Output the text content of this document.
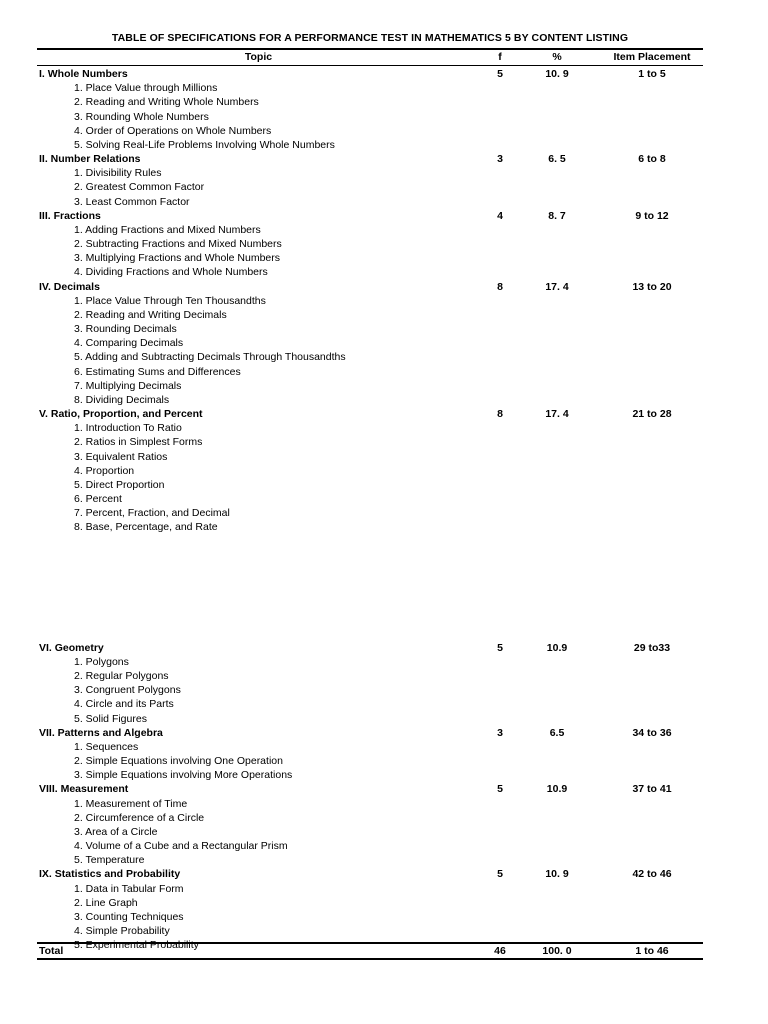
TABLE OF SPECIFICATIONS FOR A PERFORMANCE TEST IN MATHEMATICS 5 BY CONTENT LISTING
Topic	f	%	Item Placement
I. Whole Numbers	5	10. 9	1 to 5
1. Place Value through Millions
2. Reading and Writing Whole Numbers
3. Rounding Whole Numbers
4. Order of Operations on Whole Numbers
5. Solving Real-Life Problems Involving Whole Numbers
II. Number Relations	3	6. 5	6 to 8
1. Divisibility Rules
2. Greatest Common Factor
3. Least Common Factor
III. Fractions	4	8. 7	9 to 12
1. Adding Fractions and Mixed Numbers
2. Subtracting Fractions and Mixed Numbers
3. Multiplying Fractions and Whole Numbers
4. Dividing Fractions and Whole Numbers
IV. Decimals	8	17. 4	13 to 20
1. Place Value Through Ten Thousandths
2. Reading and Writing Decimals
3. Rounding Decimals
4. Comparing Decimals
5. Adding and Subtracting Decimals Through Thousandths
6. Estimating Sums and Differences
7. Multiplying Decimals
8. Dividing Decimals
V. Ratio, Proportion, and Percent	8	17. 4	21 to 28
1. Introduction To Ratio
2. Ratios in Simplest Forms
3. Equivalent Ratios
4. Proportion
5. Direct Proportion
6. Percent
7. Percent, Fraction, and Decimal
8. Base, Percentage, and Rate
VI. Geometry	5	10.9	29 to33
1. Polygons
2. Regular Polygons
3. Congruent Polygons
4. Circle and its Parts
5. Solid Figures
VII. Patterns and Algebra	3	6.5	34 to 36
1. Sequences
2. Simple Equations involving One Operation
3. Simple Equations involving More Operations
VIII. Measurement	5	10.9	37 to 41
1. Measurement of Time
2. Circumference of a Circle
3. Area of a Circle
4. Volume of a Cube and a Rectangular Prism
5. Temperature
IX. Statistics and Probability	5	10. 9	42 to 46
1. Data in Tabular Form
2. Line Graph
3. Counting Techniques
4. Simple Probability
5. Experimental Probability
Total	46	100. 0	1 to 46
